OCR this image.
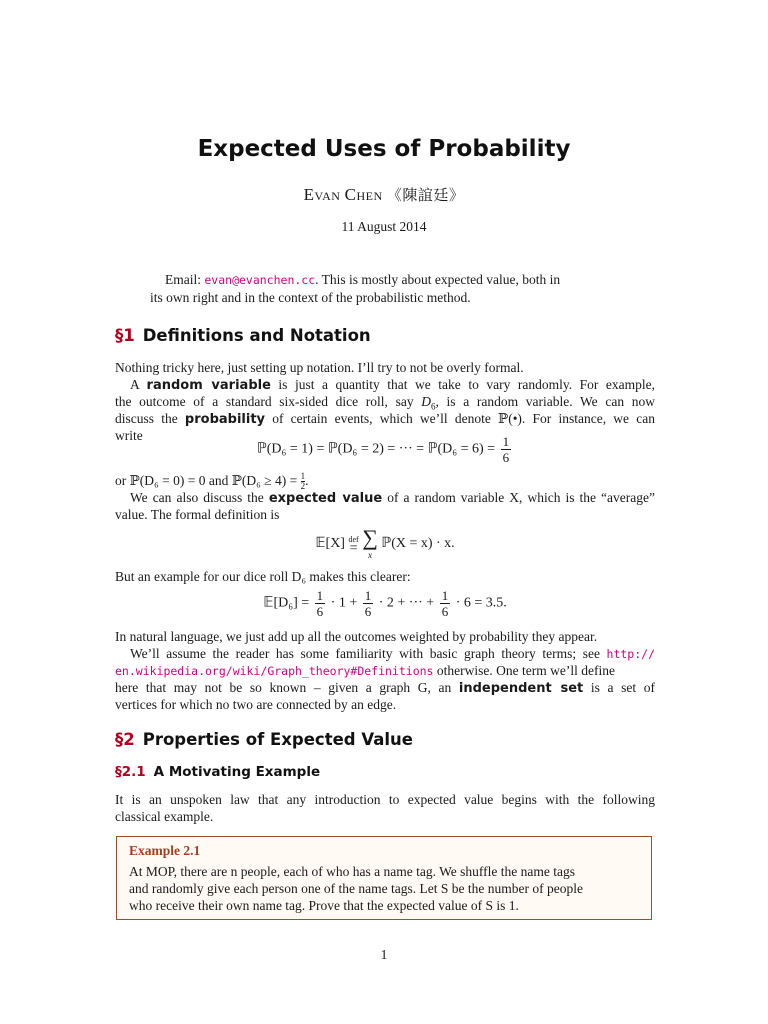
Expected Uses of Probability
Evan Chen 《陳誼廷》
11 August 2014
Email: evan@evanchen.cc. This is mostly about expected value, both in
its own right and in the context of the probabilistic method.
§1 Definitions and Notation
Nothing tricky here, just setting up notation. I’ll try to not be overly formal.
A random variable is just a quantity that we take to vary randomly. For example,
the outcome of a standard six-sided dice roll, say $D_6$, is a random variable. We can now
discuss the probability of certain events, which we’ll denote ℙ(•). For instance, we can
write
ℙ(D₆ = 1) = ℙ(D₆ = 2) = ··· = ℙ(D₆ = $6) = \frac{1}{6}$
or ℙ(D₆ = 0) = 0 and ℙ(D₆ ≥ $4) = \frac{1}{2}$.
We can also discuss the expected value of a random variable X, which is the “average”
value. The formal definition is
𝔼[X] def
= ∑
x
ℙ(X = x) · x.
But an example for our dice roll D₆ makes this clearer:
𝔼[D₆] = $\frac{1}{6} \cdot 1 + \frac{1}{6} \cdot 2$ + ··· + $\frac{1}{6} \cdot 6 = 3.5$.
In natural language, we just add up all the outcomes weighted by probability they appear.
We’ll assume the reader has some familiarity with basic graph theory terms; see http://
en.wikipedia.org/wiki/Graph_theory#Definitions otherwise. One term we’ll define
here that may not be so known – given a graph G, an independent set is a set of
vertices for which no two are connected by an edge.
§2 Properties of Expected Value
§2.1 A Motivating Example
It is an unspoken law that any introduction to expected value begins with the following
classical example.
Example 2.1
At MOP, there are n people, each of who has a name tag. We shuffle the name tags
and randomly give each person one of the name tags. Let S be the number of people
who receive their own name tag. Prove that the expected value of S is 1.
1
